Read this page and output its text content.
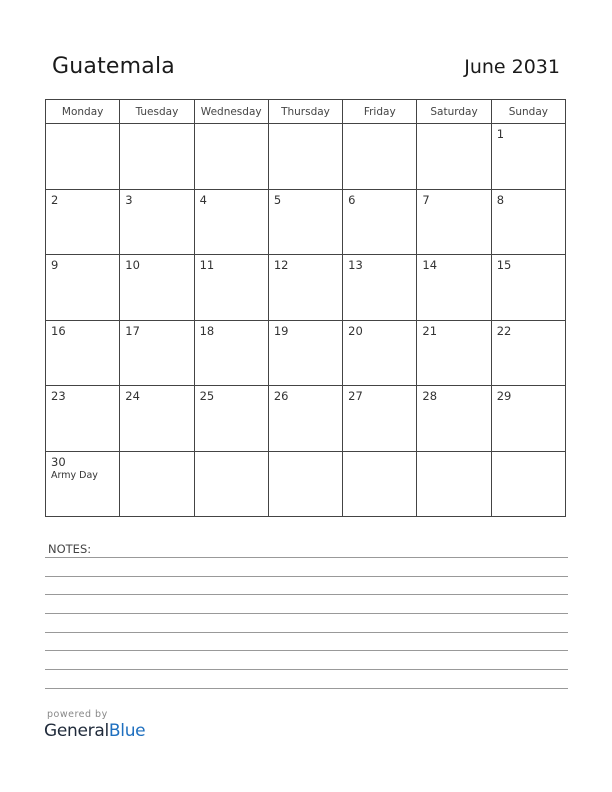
Guatemala	June 2031
Monday	Tuesday	Wednesday	Thursday	Friday	Saturday	Sunday

						1

2	3	4	5	6	7	8

9	10	11	12	13	14	15

16	17	18	19	20	21	22

23	24	25	26	27	28	29

30
Army Day						

NOTES:
powered by
GeneralBlue
